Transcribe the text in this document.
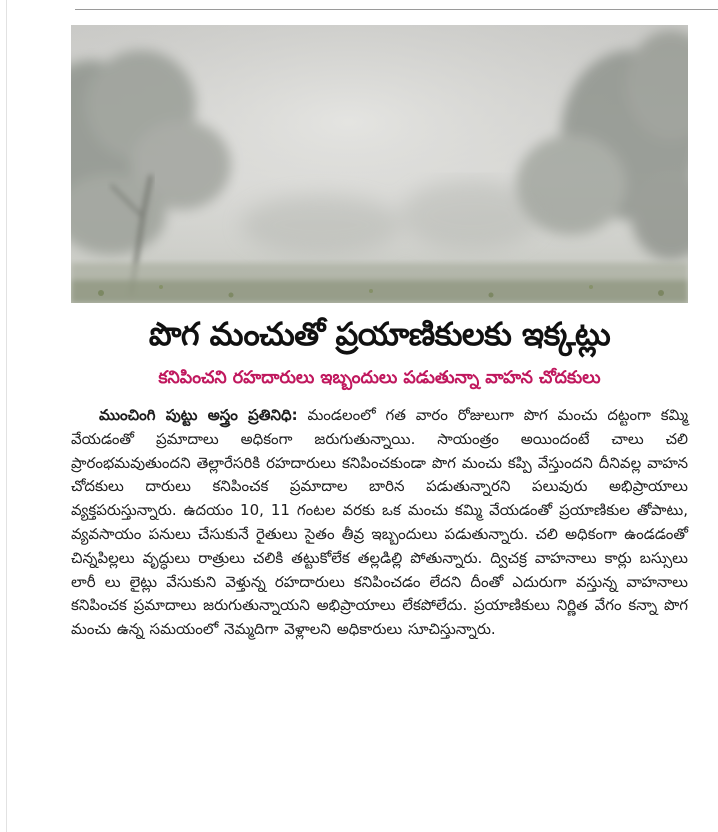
పొగ మంచుతో ప్రయాణికులకు ఇక్కట్లు
కనిపించని రహదారులు ఇబ్బందులు పడుతున్నా వాహన చోదకులు
ముంచింగి పుట్టు అస్త్రం ప్రతినిధి: మండలంలో గత వారం రోజులుగా పొగ మంచు దట్టంగా కమ్మి వేయడంతో ప్రమాదాలు అధికంగా జరుగుతున్నాయి. సాయంత్రం అయిందంటే చాలు చలి ప్రారంభమవుతుందని తెల్లారేసరికి రహదారులు కనిపించకుండా పొగ మంచు కప్పి వేస్తుందని దీనివల్ల వాహన చోదకులు దారులు కనిపించక ప్రమాదాల బారిన పడుతున్నారని పలువురు అభిప్రాయాలు వ్యక్తపరుస్తున్నారు. ఉదయం 10, 11 గంటల వరకు ఒక మంచు కమ్మి వేయడంతో ప్రయాణికుల తోపాటు, వ్యవసాయం పనులు చేసుకునే రైతులు సైతం తీవ్ర ఇబ్బందులు పడుతున్నారు. చలి అధికంగా ఉండడంతో చిన్నపిల్లలు వృద్ధులు రాత్రులు చలికి తట్టుకోలేక తల్లడిల్లి పోతున్నారు. ద్విచక్ర వాహనాలు కార్లు బస్సులు లారీ లు లైట్లు వేసుకుని వెళ్తున్న రహదారులు కనిపించడం లేదని దీంతో ఎదురుగా వస్తున్న వాహనాలు కనిపించక ప్రమాదాలు జరుగుతున్నాయని అభిప్రాయాలు లేకపోలేదు. ప్రయాణికులు నిర్ణిత వేగం కన్నా పొగ మంచు ఉన్న సమయంలో నెమ్మదిగా వెళ్లాలని అధికారులు సూచిస్తున్నారు.
